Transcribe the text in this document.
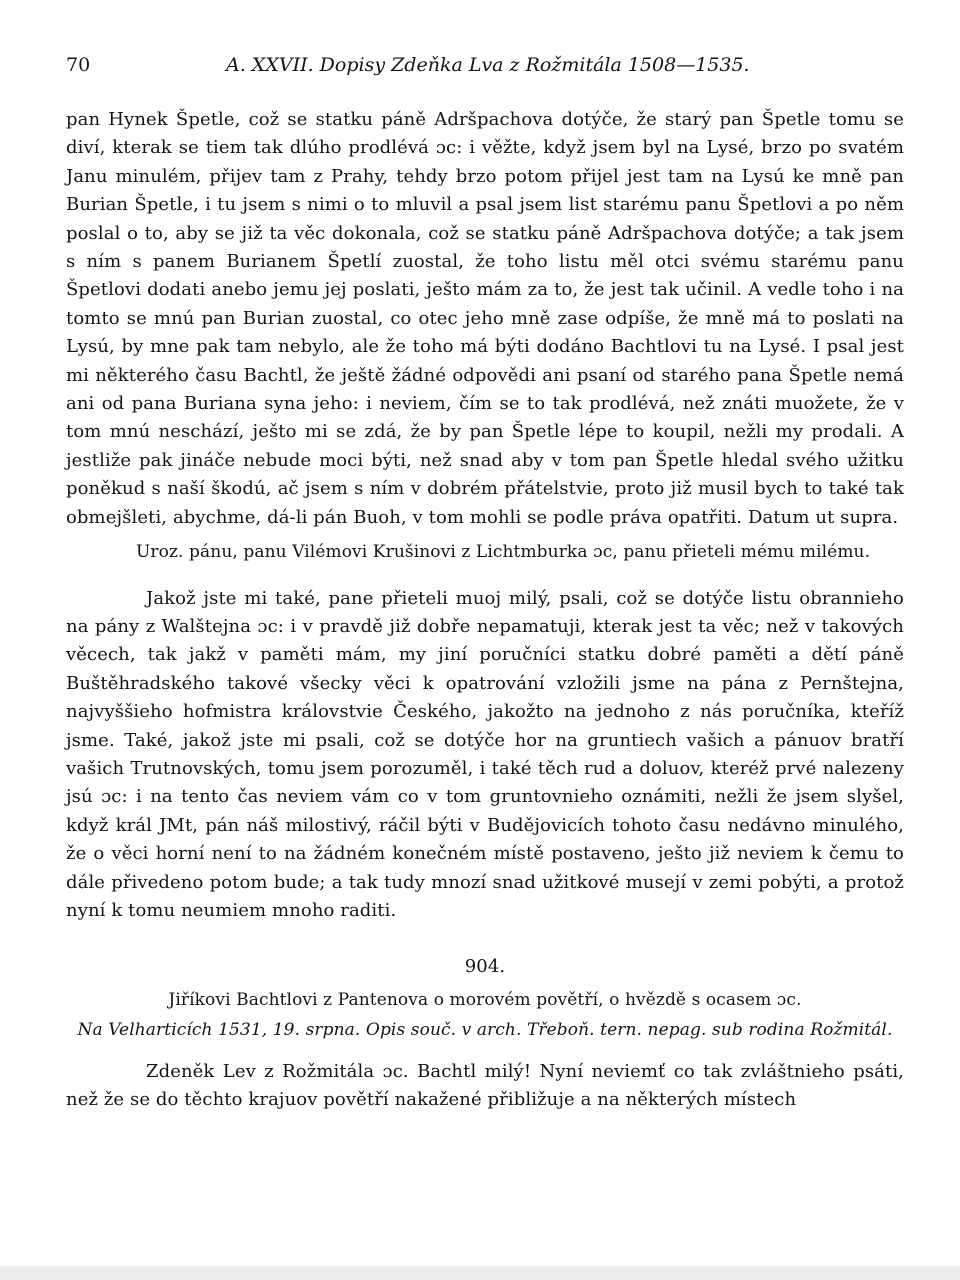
70	A. XXVII. Dopisy Zdeňka Lva z Rožmitála 1508—1535.

pan Hynek Špetle, což se statku páně Adršpachova dotýče, že starý pan Špetle tomu se diví, kterak se tiem tak dlúho prodlévá ɔc: i věžte, když jsem byl na Lysé, brzo po svatém Janu minulém, přijev tam z Prahy, tehdy brzo potom přijel jest tam na Lysú ke mně pan Burian Špetle, i tu jsem s nimi o to mluvil a psal jsem list starému panu Špetlovi a po něm poslal o to, aby se již ta věc dokonala, což se statku páně Adršpachova dotýče; a tak jsem s ním s panem Burianem Špetlí zuostal, že toho listu měl otci svému starému panu Špetlovi dodati anebo jemu jej poslati, ješto mám za to, že jest tak učinil. A vedle toho i na tomto se mnú pan Burian zuostal, co otec jeho mně zase odpíše, že mně má to poslati na Lysú, by mne pak tam nebylo, ale že toho má býti dodáno Bachtlovi tu na Lysé. I psal jest mi některého času Bachtl, že ještě žádné odpovědi ani psaní od starého pana Špetle nemá ani od pana Buriana syna jeho: i neviem, čím se to tak prodlévá, než znáti muožete, že v tom mnú neschází, ješto mi se zdá, že by pan Špetle lépe to koupil, nežli my prodali. A jestliže pak jináče nebude moci býti, než snad aby v tom pan Špetle hledal svého užitku poněkud s naší škodú, ač jsem s ním v dobrém přátelstvie, proto již musil bych to také tak obmejšleti, abychme, dá-li pán Buoh, v tom mohli se podle práva opatřiti. Datum ut supra.

Uroz. pánu, panu Vilémovi Krušinovi z Lichtmburka ɔc, panu přieteli mému milému.

Jakož jste mi také, pane přieteli muoj milý, psali, což se dotýče listu obrannieho na pány z Walštejna ɔc: i v pravdě již dobře nepamatuji, kterak jest ta věc; než v takových věcech, tak jakž v paměti mám, my jiní poručníci statku dobré paměti a dětí páně Buštěhradského takové všecky věci k opatrování vzložili jsme na pána z Pernštejna, najvyššieho hofmistra královstvie Českého, jakožto na jednoho z nás poručníka, kteříž jsme. Také, jakož jste mi psali, což se dotýče hor na gruntiech vašich a pánuov bratří vašich Trutnovských, tomu jsem porozuměl, i také těch rud a doluov, kteréž prvé nalezeny jsú ɔc: i na tento čas neviem vám co v tom gruntovnieho oznámiti, nežli že jsem slyšel, když král JMt, pán náš milostivý, ráčil býti v Budějovicích tohoto času nedávno minulého, že o věci horní není to na žádném konečném místě postaveno, ješto již neviem k čemu to dále přivedeno potom bude; a tak tudy mnozí snad užitkové musejí v zemi pobýti, a protož nyní k tomu neumiem mnoho raditi.

904.

Jiříkovi Bachtlovi z Pantenova o morovém povětří, o hvězdě s ocasem ɔc.

Na Velharticích 1531, 19. srpna. Opis souč. v arch. Třeboň. tern. nepag. sub rodina Rožmitál.

Zdeněk Lev z Rožmitála ɔc. Bachtl milý! Nyní neviemť co tak zvláštnieho psáti, než že se do těchto krajuov povětří nakažené přibližuje a na některých místech
